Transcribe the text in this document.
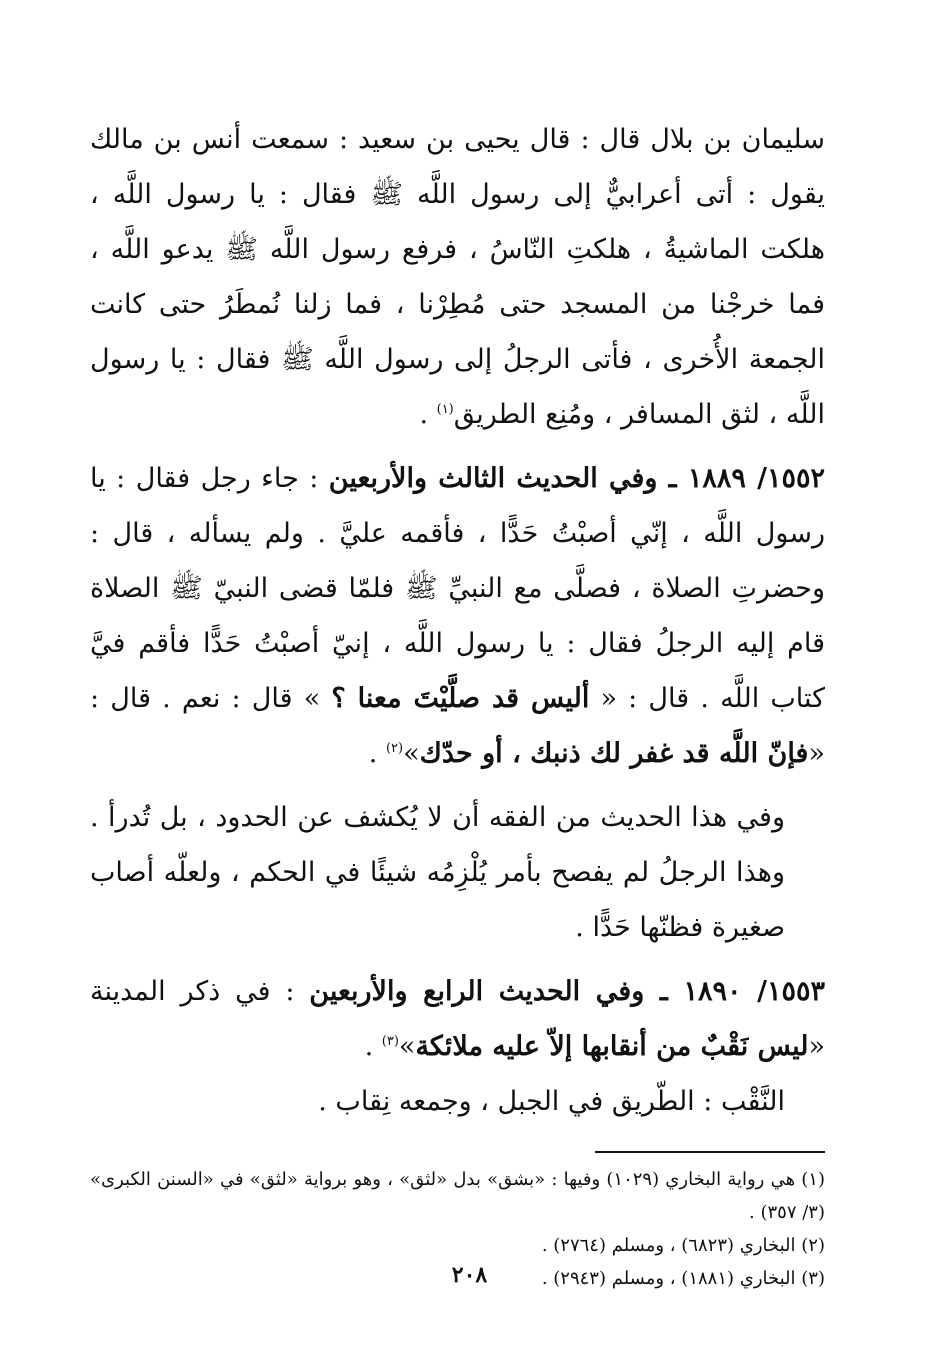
سليمان بن بلال قال : قال يحيى بن سعيد : سمعت أنس بن مالك يقول : أتى أعرابيٌّ إلى رسول اللَّه ﷺ فقال : يا رسول اللَّه ، هلكت الماشيةُ ، هلكتِ النّاسُ ، فرفع رسول اللَّه ﷺ يدعو اللَّه ، فما خرجْنا من المسجد حتى مُطِرْنا ، فما زلنا نُمطَرُ حتى كانت الجمعة الأُخرى ، فأتى الرجلُ إلى رسول اللَّه ﷺ فقال : يا رسول اللَّه ، لثق المسافر ، ومُنِع الطريق$^{(١)}$ .

١٥٥٢/ ١٨٨٩ ـ وفي الحديث الثالث والأربعين : جاء رجل فقال : يا رسول اللَّه ، إنّي أصبْتُ حَدًّا ، فأقمه عليَّ . ولم يسأله ، قال : وحضرتِ الصلاة ، فصلَّى مع النبيِّ ﷺ فلمّا قضى النبيّ ﷺ الصلاة قام إليه الرجلُ فقال : يا رسول اللَّه ، إنيّ أصبْتُ حَدًّا فأقم فيَّ كتاب اللَّه . قال : « أليس قد صلَّيْتَ معنا ؟ » قال : نعم . قال : «فإنّ اللَّه قد غفر لك ذنبك ، أو حدّك»$^{(٢)}$ .

وفي هذا الحديث من الفقه أن لا يُكشف عن الحدود ، بل تُدرأ . وهذا الرجلُ لم يفصح بأمر يُلْزِمُه شيئًا في الحكم ، ولعلّه أصاب صغيرة فظنّها حَدًّا .

١٥٥٣/ ١٨٩٠ ـ وفي الحديث الرابع والأربعين : في ذكر المدينة «ليس نَقْبٌ من أنقابها إلاّ عليه ملائكة»$^{(٣)}$ .

النَّقْب : الطّريق في الجبل ، وجمعه نِقاب .

(١) هي رواية البخاري (١٠٢٩) وفيها : «بشق» بدل «لثق» ، وهو برواية «لثق» في «السنن الكبرى» (٣/ ٣٥٧) .

(٢) البخاري (٦٨٢٣) ، ومسلم (٢٧٦٤) .

(٣) البخاري (١٨٨١) ، ومسلم (٢٩٤٣) .

٢٠٨
